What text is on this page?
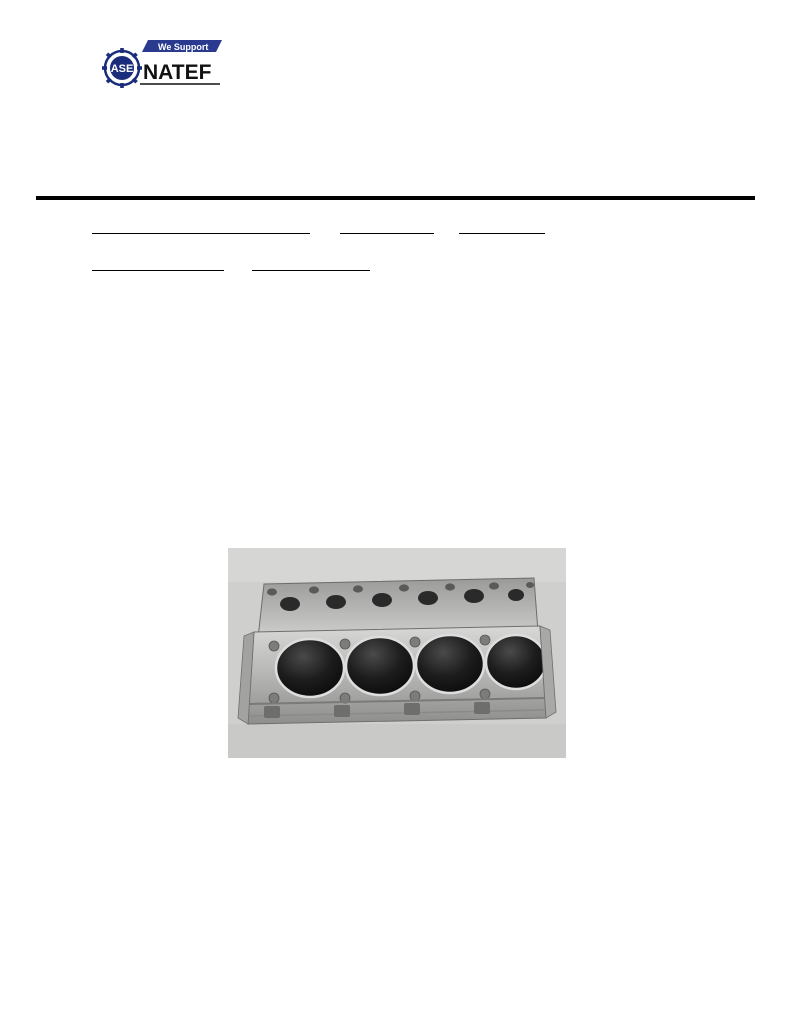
We Support
ASE NATEF
